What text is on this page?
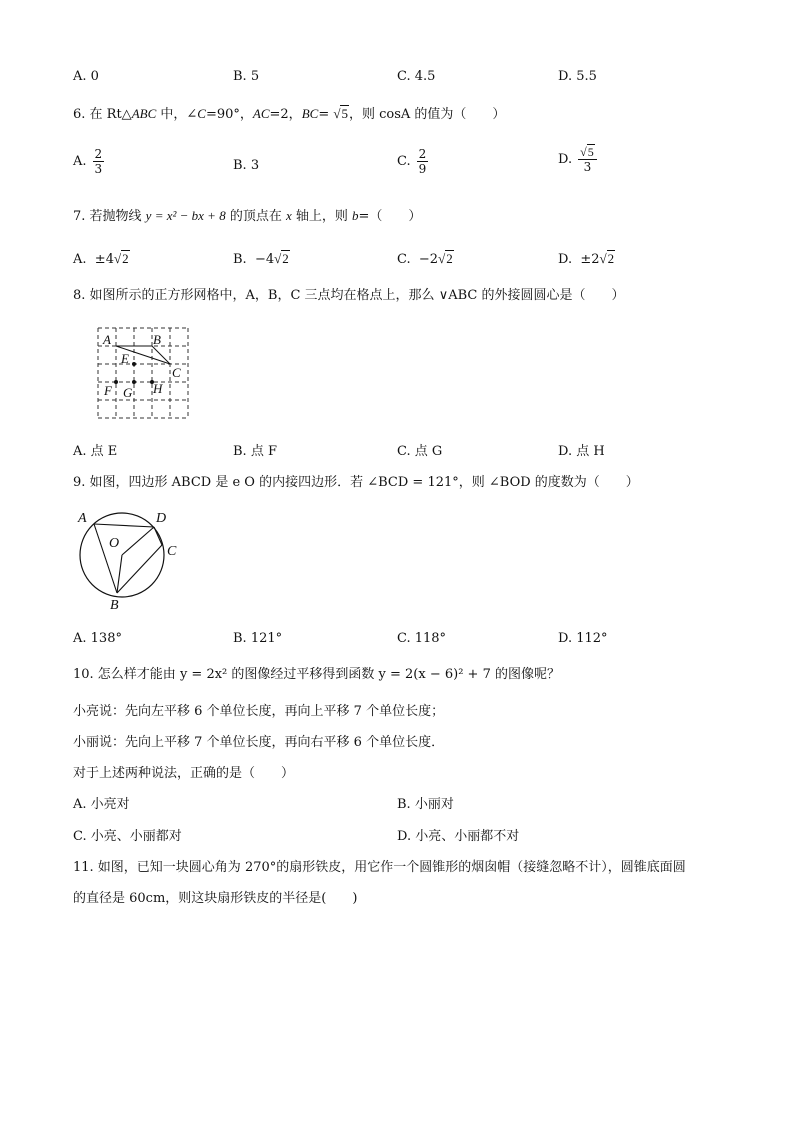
A. 0	B. 5	C. 4.5	D. 5.5
6. 在 Rt△ABC 中，∠C=90°，AC=2，BC= √5，则 cosA 的值为（　　）
A. $\frac{2}{3}$	B. 3	C. $\frac{2}{9}$	D. $\frac{√5}{3}$
7. 若抛物线 y = x² − bx + 8 的顶点在 x 轴上，则 b=（　　）
A. ±4√2	B. −4√2	C. −2√2	D. ±2√2
8. 如图所示的正方形网格中，A，B，C 三点均在格点上，那么 ∨ABC 的外接圆圆心是（　　）
A	B
E
C
F G H
A. 点 E	B. 点 F	C. 点 G	D. 点 H
9. 如图，四边形 ABCD 是 e O 的内接四边形．若 ∠BCD = 121°，则 ∠BOD 的度数为（　　）
A	D
O
C
B
A. 138°	B. 121°	C. 118°	D. 112°
10. 怎么样才能由 y = 2x² 的图像经过平移得到函数 y = 2(x − 6)² + 7 的图像呢？
小亮说：先向左平移 6 个单位长度，再向上平移 7 个单位长度；
小丽说：先向上平移 7 个单位长度，再向右平移 6 个单位长度．
对于上述两种说法，正确的是（　　）
A. 小亮对	B. 小丽对
C. 小亮、小丽都对	D. 小亮、小丽都不对
11. 如图，已知一块圆心角为 270°的扇形铁皮，用它作一个圆锥形的烟囱帽（接缝忽略不计），圆锥底面圆
的直径是 60cm，则这块扇形铁皮的半径是(　　)
